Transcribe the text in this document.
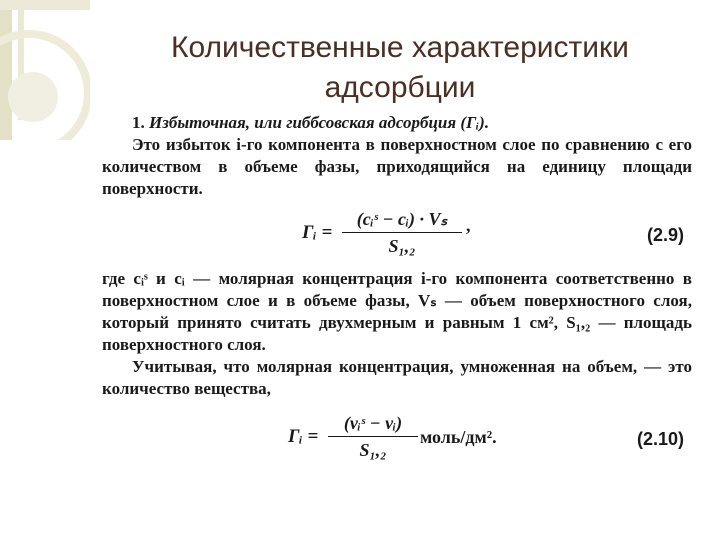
Количественные характеристики
адсорбции

1. Избыточная, или гиббсовская адсорбция (Γᵢ).

Это избыток i-го компонента в поверхностном слое по сравнению с его количеством в объеме фазы, приходящийся на единицу площади поверхности.

Γᵢ =
(cᵢˢ − cᵢ) · Vₛ
S₁,₂
,	(2.9)

где cᵢˢ и cᵢ — молярная концентрация i-го компонента соответственно в поверхностном слое и в объеме фазы, Vₛ — объем поверхностного слоя, который принято считать двухмерным и равным 1 см², S₁,₂ — площадь поверхностного слоя.

Учитывая, что молярная концентрация, умноженная на объем, — это количество вещества,

Γᵢ =
(νᵢˢ − νᵢ)
S₁,₂
моль/дм².	(2.10)
